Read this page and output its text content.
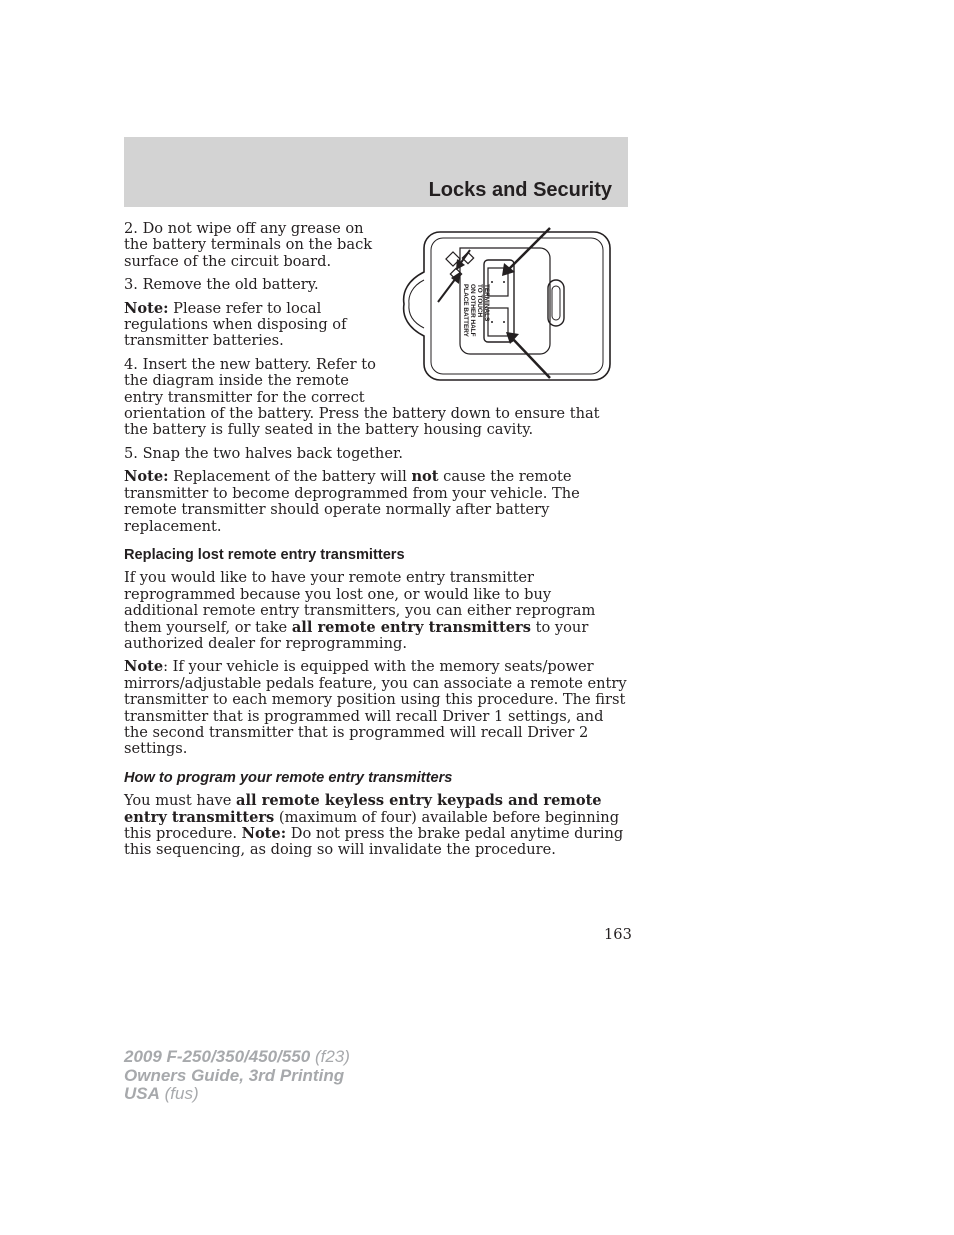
Locks and Security
PLACE BATTERY ON OTHER HALF TO TOUCH TERMINALS

2. Do not wipe off any grease on the battery terminals on the back surface of the circuit board.

3. Remove the old battery.

Note: Please refer to local regulations when disposing of transmitter batteries.

4. Insert the new battery. Refer to the diagram inside the remote entry transmitter for the correct
orientation of the battery. Press the battery down to ensure that the battery is fully seated in the battery housing cavity.

5. Snap the two halves back together.

Note: Replacement of the battery will not cause the remote transmitter to become deprogrammed from your vehicle. The remote transmitter should operate normally after battery replacement.

Replacing lost remote entry transmitters

If you would like to have your remote entry transmitter reprogrammed because you lost one, or would like to buy additional remote entry transmitters, you can either reprogram them yourself, or take all remote entry transmitters to your authorized dealer for reprogramming.

Note: If your vehicle is equipped with the memory seats/power mirrors/adjustable pedals feature, you can associate a remote entry transmitter to each memory position using this procedure. The first transmitter that is programmed will recall Driver 1 settings, and the second transmitter that is programmed will recall Driver 2 settings.

How to program your remote entry transmitters

You must have all remote keyless entry keypads and remote entry transmitters (maximum of four) available before beginning this procedure. Note: Do not press the brake pedal anytime during this sequencing, as doing so will invalidate the procedure.

163
2009 F-250/350/450/550 (f23)
Owners Guide, 3rd Printing
USA (fus)
